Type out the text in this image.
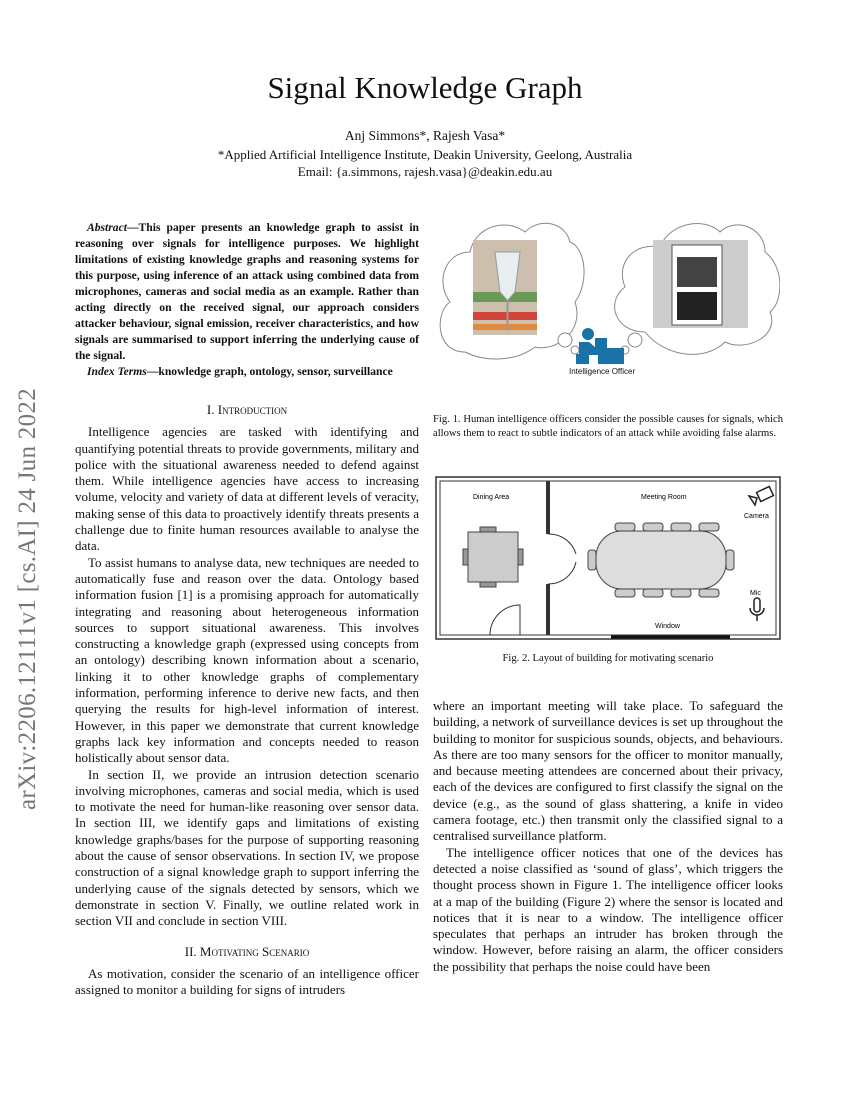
arXiv:2206.12111v1 [cs.AI] 24 Jun 2022
Signal Knowledge Graph
Anj Simmons*, Rajesh Vasa*
*Applied Artificial Intelligence Institute, Deakin University, Geelong, Australia
Email: {a.simmons, rajesh.vasa}@deakin.edu.au

Abstract—This paper presents an knowledge graph to assist in reasoning over signals for intelligence purposes. We highlight limitations of existing knowledge graphs and reasoning systems for this purpose, using inference of an attack using combined data from microphones, cameras and social media as an example. Rather than acting directly on the received signal, our approach considers attacker behaviour, signal emission, receiver characteristics, and how signals are summarised to support inferring the underlying cause of the signal.

Index Terms—knowledge graph, ontology, sensor, surveillance

I. Introduction

Intelligence agencies are tasked with identifying and quantifying potential threats to provide governments, military and police with the situational awareness needed to defend against them. While intelligence agencies have access to increasing volume, velocity and variety of data at different levels of veracity, making sense of this data to proactively identify threats presents a challenge due to finite human resources available to analyse the data.

To assist humans to analyse data, new techniques are needed to automatically fuse and reason over the data. Ontology based information fusion [1] is a promising approach for automatically integrating and reasoning about heterogeneous information sources to support situational awareness. This involves constructing a knowledge graph (expressed using concepts from an ontology) describing known information about a scenario, linking it to other knowledge graphs of complementary information, performing inference to derive new facts, and then querying the results for high-level information of interest. However, in this paper we demonstrate that current knowledge graphs lack key information and concepts needed to reason holistically about sensor data.

In section II, we provide an intrusion detection scenario involving microphones, cameras and social media, which is used to motivate the need for human-like reasoning over sensor data. In section III, we identify gaps and limitations of existing knowledge graphs/bases for the purpose of supporting reasoning about the cause of sensor observations. In section IV, we propose construction of a signal knowledge graph to support inferring the underlying cause of the signals detected by sensors, which we demonstrate in section V. Finally, we outline related work in section VII and conclude in section VIII.

II. Motivating Scenario

As motivation, consider the scenario of an intelligence officer assigned to monitor a building for signs of intruders

Intelligence Officer
Fig. 1. Human intelligence officers consider the possible causes for signals, which allows them to react to subtle indicators of an attack while avoiding false alarms.
Dining Area	Meeting Room
Camera
Mic
Window
Fig. 2. Layout of building for motivating scenario

where an important meeting will take place. To safeguard the building, a network of surveillance devices is set up throughout the building to monitor for suspicious sounds, objects, and behaviours. As there are too many sensors for the officer to monitor manually, and because meeting attendees are concerned about their privacy, each of the devices are configured to first classify the signal on the device (e.g., as the sound of glass shattering, a knife in video camera footage, etc.) then transmit only the classified signal to a centralised surveillance platform.

The intelligence officer notices that one of the devices has detected a noise classified as ‘sound of glass’, which triggers the thought process shown in Figure 1. The intelligence officer looks at a map of the building (Figure 2) where the sensor is located and notices that it is near to a window. The intelligence officer speculates that perhaps an intruder has broken through the window. However, before raising an alarm, the officer considers the possibility that perhaps the noise could have been
